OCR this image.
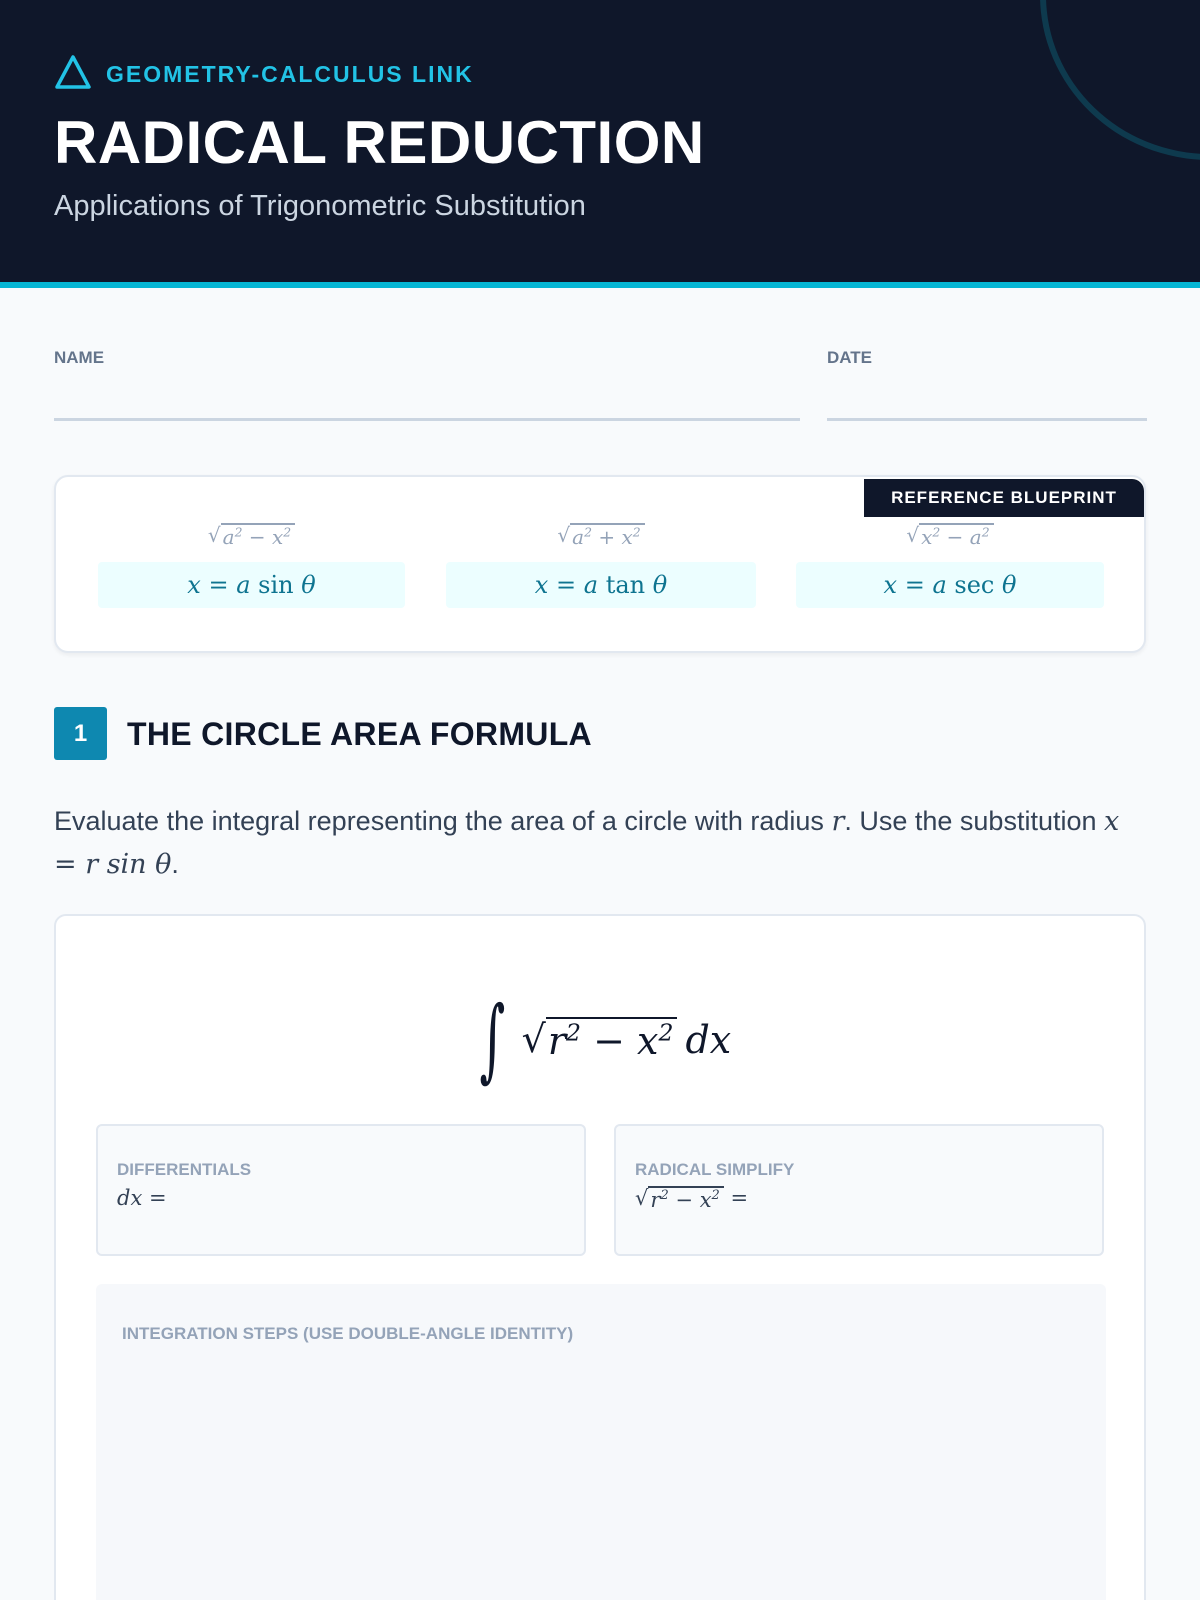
GEOMETRY-CALCULUS LINK
RADICAL REDUCTION
Applications of Trigonometric Substitution
NAME	DATE
REFERENCE BLUEPRINT
√ $a^2 - x^2$
x
=
a
sin
θ
√ $a^2 + x^2$
x
=
a
tan
θ
√ $x^2 - a^2$
x
=
a
sec
θ
1	THE CIRCLE AREA FORMULA
Evaluate the integral representing the area of a circle with radius r. Use the substitution x = r sin θ.
∫ √ $r^2 - x^2$ dx
DIFFERENTIALS
dx =
RADICAL SIMPLIFY
√ $r^2 - x^2$ =
INTEGRATION STEPS (USE DOUBLE-ANGLE IDENTITY)
